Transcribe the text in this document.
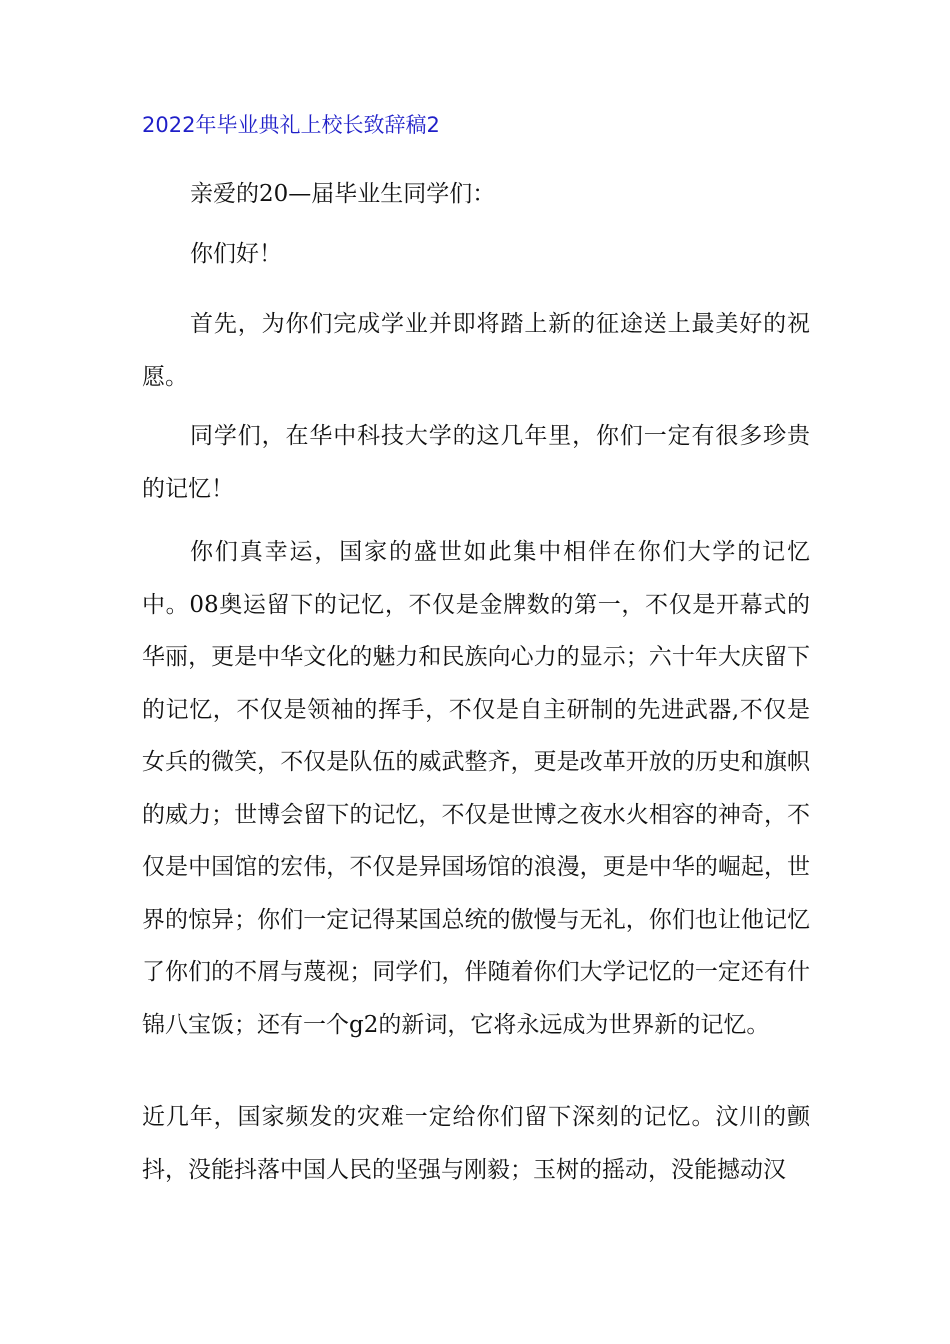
2022年毕业典礼上校长致辞稿2

亲爱的20—届毕业生同学们：

你们好！

首先，为你们完成学业并即将踏上新的征途送上最美好的祝愿。

同学们，在华中科技大学的这几年里，你们一定有很多珍贵的记忆！

你们真幸运，国家的盛世如此集中相伴在你们大学的记忆中。08奥运留下的记忆，不仅是金牌数的第一，不仅是开幕式的华丽，更是中华文化的魅力和民族向心力的显示；六十年大庆留下的记忆，不仅是领袖的挥手，不仅是自主研制的先进武器,不仅是女兵的微笑，不仅是队伍的威武整齐，更是改革开放的历史和旗帜的威力；世博会留下的记忆，不仅是世博之夜水火相容的神奇，不仅是中国馆的宏伟，不仅是异国场馆的浪漫，更是中华的崛起，世界的惊异；你们一定记得某国总统的傲慢与无礼，你们也让他记忆了你们的不屑与蔑视；同学们，伴随着你们大学记忆的一定还有什锦八宝饭；还有一个g2的新词，它将永远成为世界新的记忆。

近几年，国家频发的灾难一定给你们留下深刻的记忆。汶川的颤抖，没能抖落中国人民的坚强与刚毅；玉树的摇动，没能撼动汉
